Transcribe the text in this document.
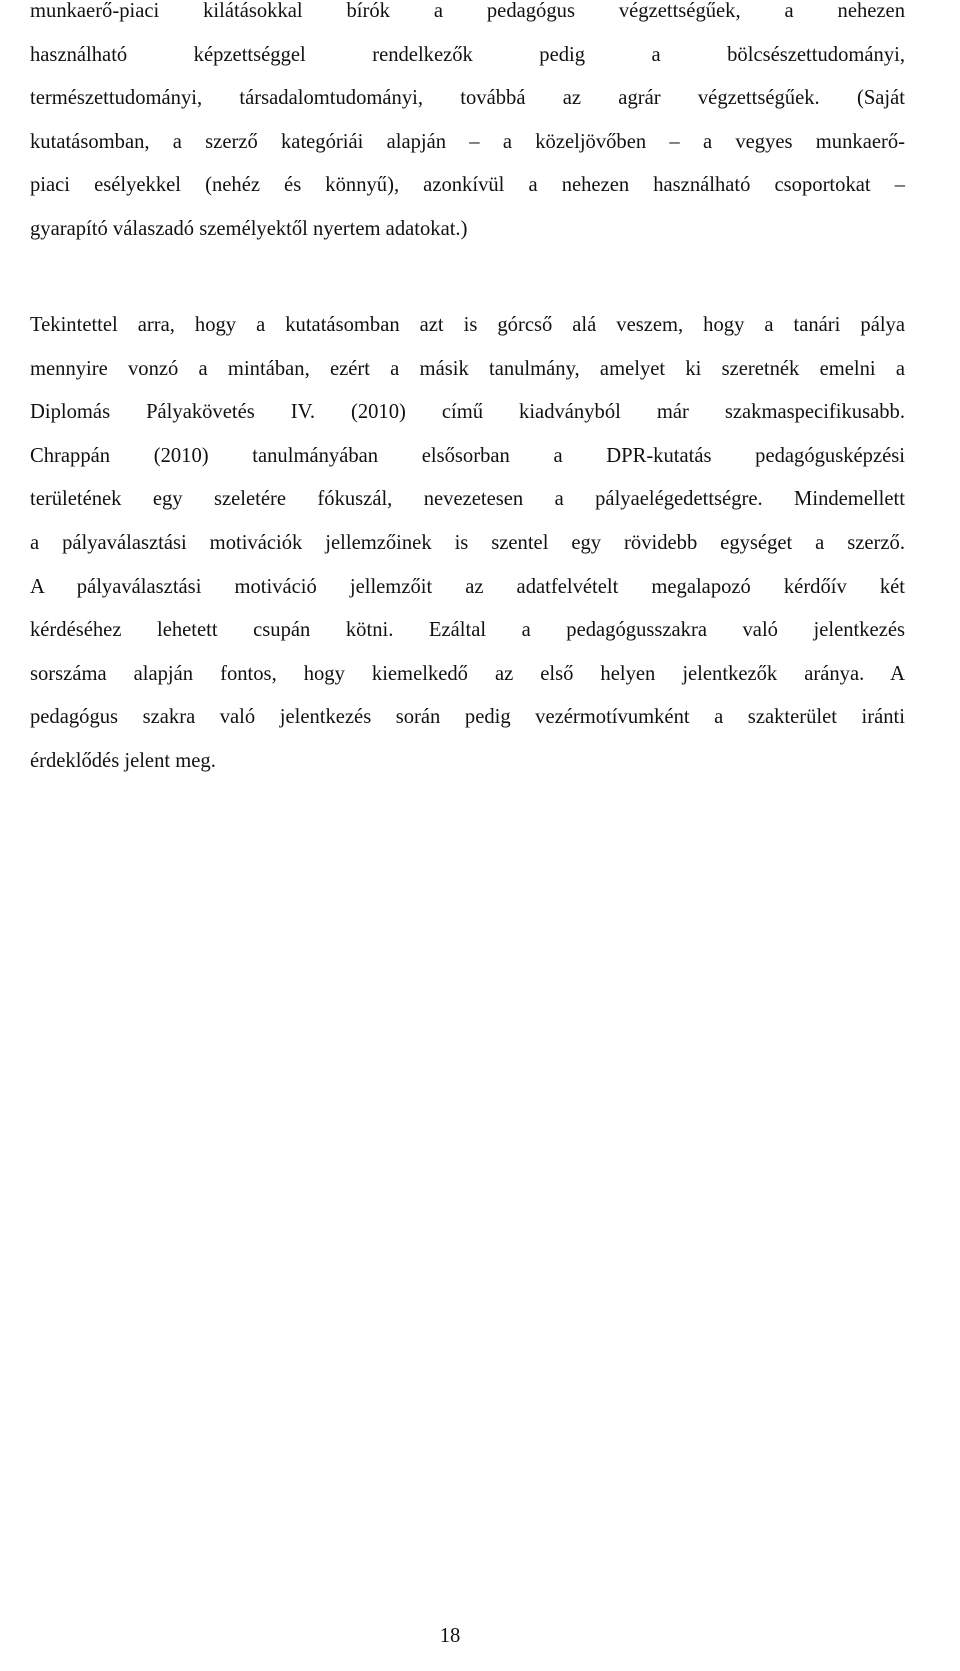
munkaerő-piaci kilátásokkal bírók a pedagógus végzettségűek, a nehezen
használható képzettséggel rendelkezők pedig a bölcsészettudományi,
természettudományi, társadalomtudományi, továbbá az agrár végzettségűek. (Saját
kutatásomban, a szerző kategóriái alapján – a közeljövőben – a vegyes munkaerő-
piaci esélyekkel (nehéz és könnyű), azonkívül a nehezen használható csoportokat –
gyarapító válaszadó személyektől nyertem adatokat.)
Tekintettel arra, hogy a kutatásomban azt is górcső alá veszem, hogy a tanári pálya
mennyire vonzó a mintában, ezért a másik tanulmány, amelyet ki szeretnék emelni a
Diplomás Pályakövetés IV. (2010) című kiadványból már szakmaspecifikusabb.
Chrappán (2010) tanulmányában elsősorban a DPR-kutatás pedagógusképzési
területének egy szeletére fókuszál, nevezetesen a pályaelégedettségre. Mindemellett
a pályaválasztási motivációk jellemzőinek is szentel egy rövidebb egységet a szerző.
A pályaválasztási motiváció jellemzőit az adatfelvételt megalapozó kérdőív két
kérdéséhez lehetett csupán kötni. Ezáltal a pedagógusszakra való jelentkezés
sorszáma alapján fontos, hogy kiemelkedő az első helyen jelentkezők aránya. A
pedagógus szakra való jelentkezés során pedig vezérmotívumként a szakterület iránti
érdeklődés jelent meg.
18
